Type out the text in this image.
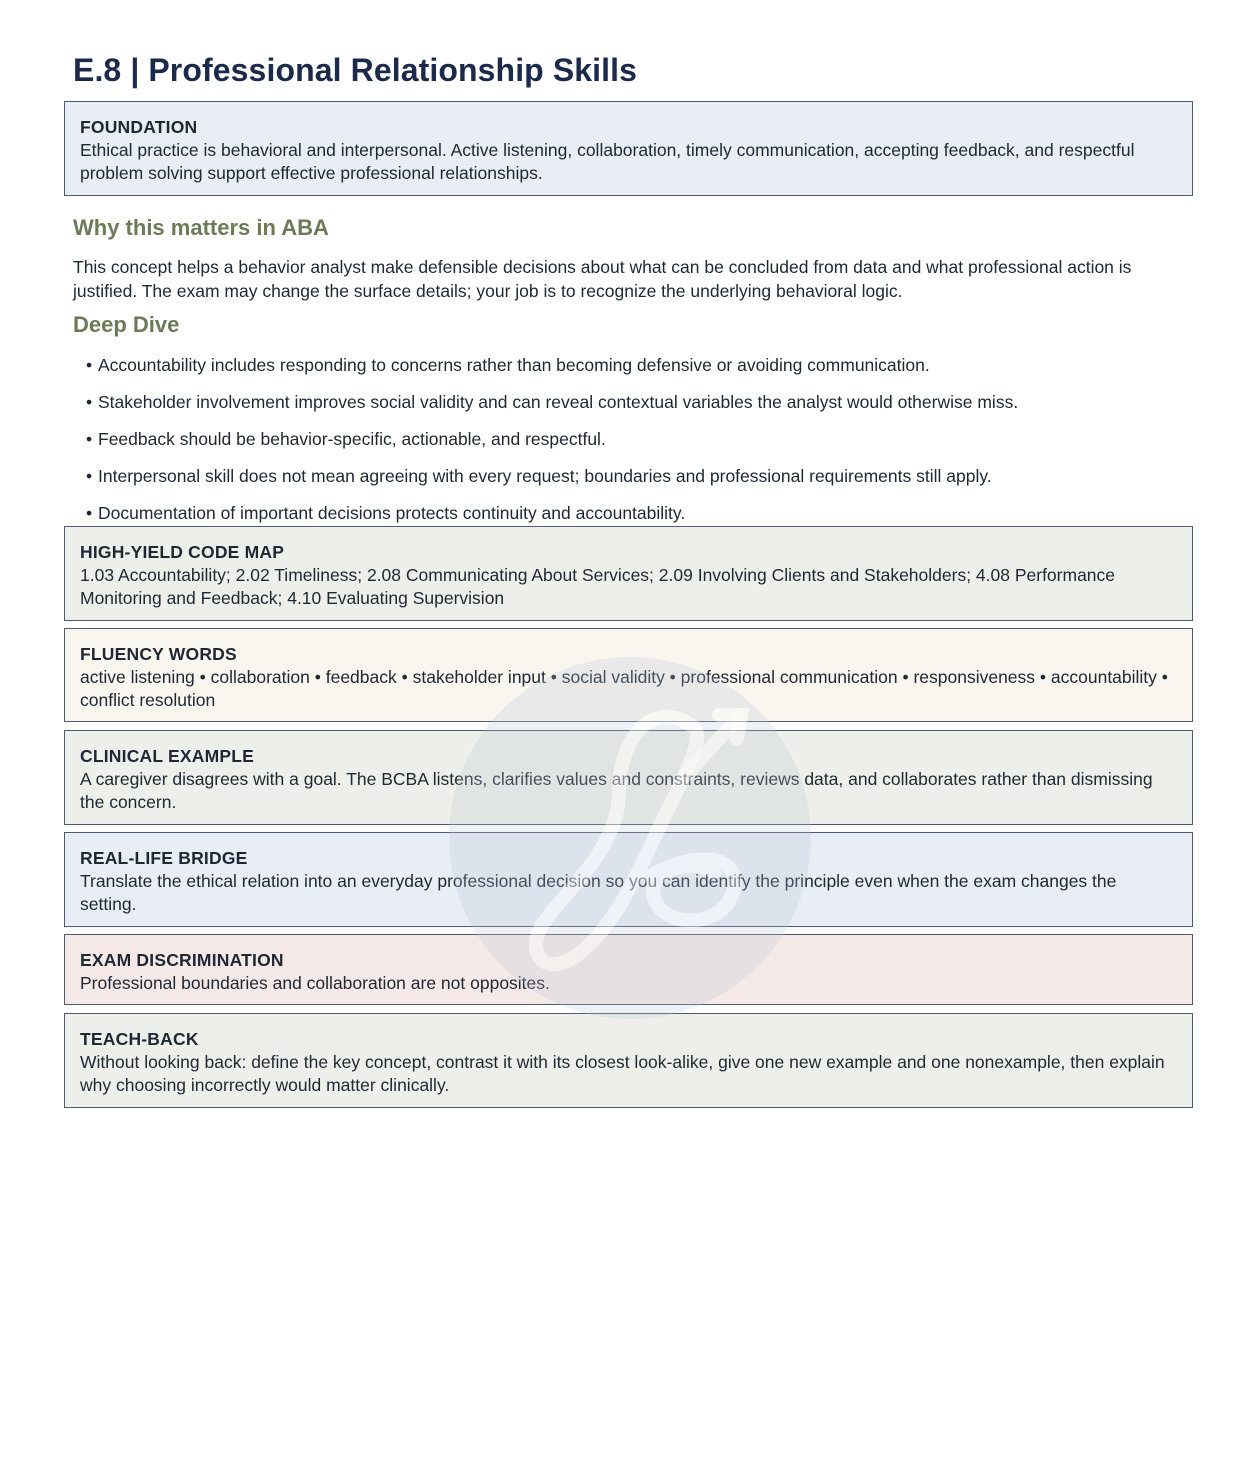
E.8 | Professional Relationship Skills
FOUNDATION
Ethical practice is behavioral and interpersonal. Active listening, collaboration, timely communication, accepting feedback, and respectful problem solving support effective professional relationships.
Why this matters in ABA

This concept helps a behavior analyst make defensible decisions about what can be concluded from data and what professional action is justified. The exam may change the surface details; your job is to recognize the underlying behavioral logic.

Deep Dive

• Accountability includes responding to concerns rather than becoming defensive or avoiding communication.

• Stakeholder involvement improves social validity and can reveal contextual variables the analyst would otherwise miss.

• Feedback should be behavior-specific, actionable, and respectful.

• Interpersonal skill does not mean agreeing with every request; boundaries and professional requirements still apply.

• Documentation of important decisions protects continuity and accountability.

HIGH-YIELD CODE MAP
1.03 Accountability; 2.02 Timeliness; 2.08 Communicating About Services; 2.09 Involving Clients and Stakeholders; 4.08 Performance Monitoring and Feedback; 4.10 Evaluating Supervision
FLUENCY WORDS
active listening • collaboration • feedback • stakeholder input • social validity • professional communication • responsiveness • accountability • conflict resolution
CLINICAL EXAMPLE
A caregiver disagrees with a goal. The BCBA listens, clarifies values and constraints, reviews data, and collaborates rather than dismissing the concern.
REAL-LIFE BRIDGE
Translate the ethical relation into an everyday professional decision so you can identify the principle even when the exam changes the setting.
EXAM DISCRIMINATION
Professional boundaries and collaboration are not opposites.
TEACH-BACK
Without looking back: define the key concept, contrast it with its closest look-alike, give one new example and one nonexample, then explain why choosing incorrectly would matter clinically.
